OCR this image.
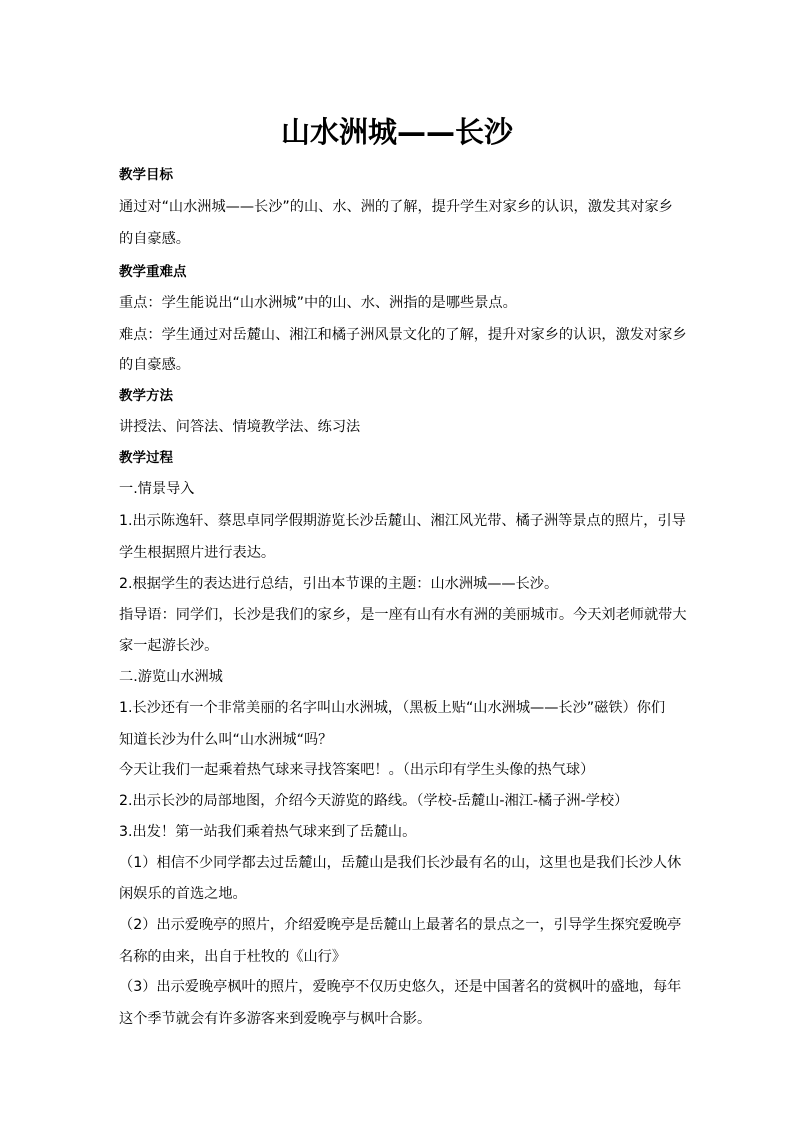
山水洲城——长沙
教学目标
通过对“山水洲城——长沙”的山、水、洲的了解，提升学生对家乡的认识，激发其对家乡
的自豪感。
教学重难点
重点：学生能说出“山水洲城”中的山、水、洲指的是哪些景点。
难点：学生通过对岳麓山、湘江和橘子洲风景文化的了解，提升对家乡的认识，激发对家乡
的自豪感。
教学方法
讲授法、问答法、情境教学法、练习法
教学过程
一.情景导入
1.出示陈逸轩、蔡思卓同学假期游览长沙岳麓山、湘江风光带、橘子洲等景点的照片，引导
学生根据照片进行表达。
2.根据学生的表达进行总结，引出本节课的主题：山水洲城——长沙。
指导语：同学们，长沙是我们的家乡，是一座有山有水有洲的美丽城市。今天刘老师就带大
家一起游长沙。
二.游览山水洲城
1.长沙还有一个非常美丽的名字叫山水洲城，（黑板上贴“山水洲城——长沙”磁铁）你们
知道长沙为什么叫“山水洲城“吗？
今天让我们一起乘着热气球来寻找答案吧！。（出示印有学生头像的热气球）
2.出示长沙的局部地图，介绍今天游览的路线。（学校-岳麓山-湘江-橘子洲-学校）
3.出发！第一站我们乘着热气球来到了岳麓山。
（1）相信不少同学都去过岳麓山，岳麓山是我们长沙最有名的山，这里也是我们长沙人休
闲娱乐的首选之地。
（2）出示爱晚亭的照片，介绍爱晚亭是岳麓山上最著名的景点之一，引导学生探究爱晚亭
名称的由来，出自于杜牧的《山行》
（3）出示爱晚亭枫叶的照片，爱晚亭不仅历史悠久，还是中国著名的赏枫叶的盛地，每年
这个季节就会有许多游客来到爱晚亭与枫叶合影。
